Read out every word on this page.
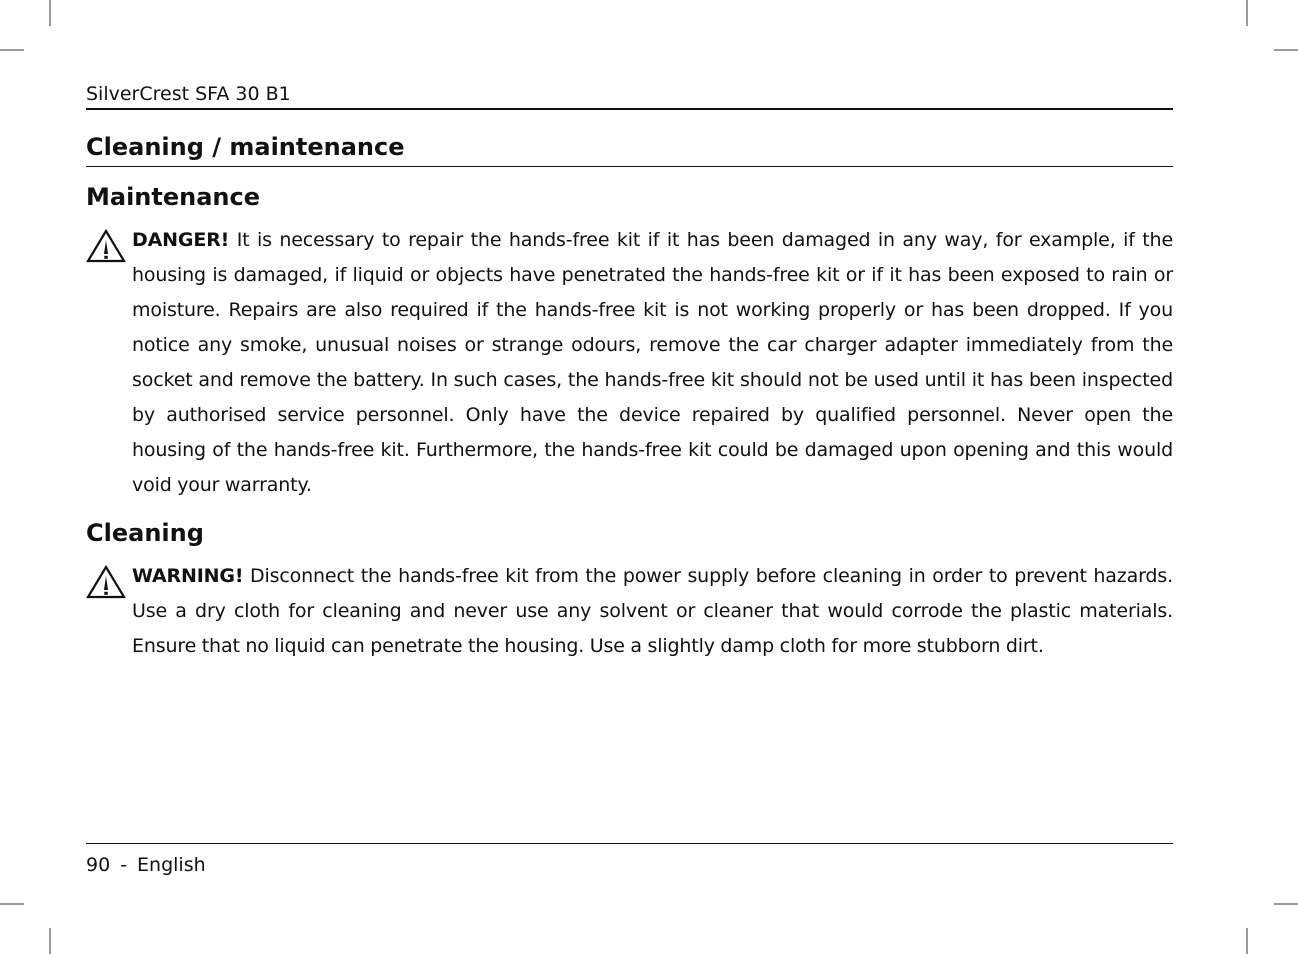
SilverCrest SFA 30 B1
Cleaning / maintenance
Maintenance

DANGER! It is necessary to repair the hands-free kit if it has been damaged in any way, for example, if the housing is damaged, if liquid or objects have penetrated the hands-free kit or if it has been exposed to rain or moisture. Repairs are also required if the hands-free kit is not working properly or has been dropped. If you notice any smoke, unusual noises or strange odours, remove the car charger adapter immediately from the socket and remove the battery. In such cases, the hands-free kit should not be used until it has been inspected by authorised service personnel. Only have the device repaired by qualified personnel. Never open the housing of the hands-free kit. Furthermore, the hands-free kit could be damaged upon opening and this would void your warranty.

Cleaning

WARNING! Disconnect the hands-free kit from the power supply before cleaning in order to prevent hazards. Use a dry cloth for cleaning and never use any solvent or cleaner that would corrode the plastic materials. Ensure that no liquid can penetrate the housing. Use a slightly damp cloth for more stubborn dirt.

90 - English
